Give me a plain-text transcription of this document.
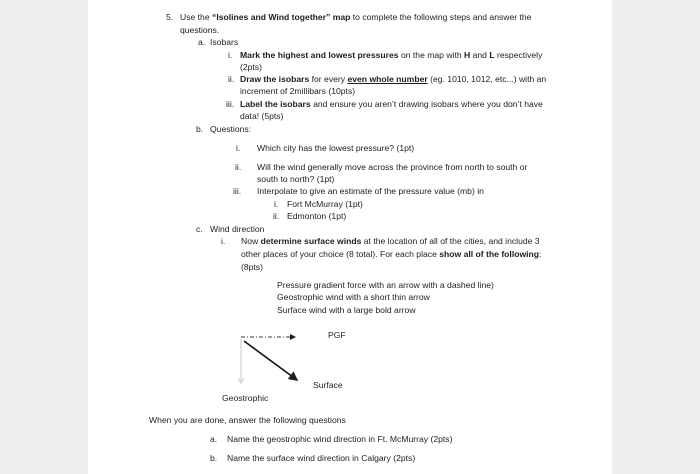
5. Use the “Isolines and Wind together” map to complete the following steps and answer the
questions.
a. Isobars
i. Mark the highest and lowest pressures on the map with H and L respectively
(2pts)
ii. Draw the isobars for every even whole number (eg. 1010, 1012, etc...) with an
increment of 2millibars (10pts)
iii. Label the isobars and ensure you aren’t drawing isobars where you don’t have
data! (5pts)
b. Questions:
i. Which city has the lowest pressure? (1pt)
ii. Will the wind generally move across the province from north to south or
south to north? (1pt)
iii. Interpolate to give an estimate of the pressure value (mb) in
i. Fort McMurray (1pt)
ii. Edmonton (1pt)
c. Wind direction
i. Now determine surface winds at the location of all of the cities, and include 3
other places of your choice (8 total). For each place show all of the following:
(8pts)
Pressure gradient force with an arrow with a dashed line)
Geostrophic wind with a short thin arrow
Surface wind with a large bold arrow
PGF
Surface
Geostrophic
When you are done, answer the following questions
a. Name the geostrophic wind direction in Ft. McMurray (2pts)
b. Name the surface wind direction in Calgary (2pts)
